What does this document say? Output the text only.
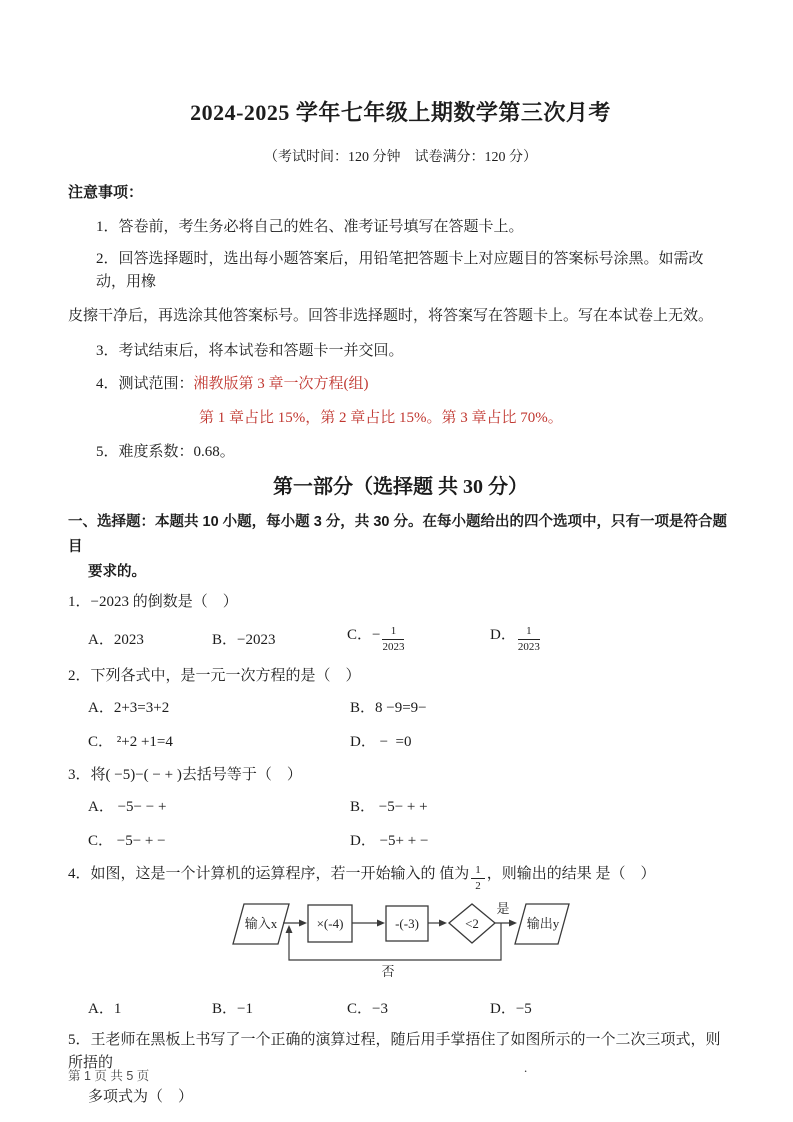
2024-2025 学年七年级上期数学第三次月考
（考试时间：120 分钟　试卷满分：120 分）
注意事项：
1．答卷前，考生务必将自己的姓名、准考证号填写在答题卡上。
2．回答选择题时，选出每小题答案后，用铅笔把答题卡上对应题目的答案标号涂黑。如需改动，用橡
皮擦干净后，再选涂其他答案标号。回答非选择题时，将答案写在答题卡上。写在本试卷上无效。
3．考试结束后，将本试卷和答题卡一并交回。
4．测试范围：湘教版第 3 章一次方程(组)
第 1 章占比 15%，第 2 章占比 15%。第 3 章占比 70%。
5．难度系数：0.68。
第一部分（选择题 共 30 分）
一、选择题：本题共 10 小题，每小题 3 分，共 30 分。在每小题给出的四个选项中，只有一项是符合题目
要求的。
1．−2023 的倒数是（　）
A．2023	B．−2023	C．− $\frac{1}{2023}$	D． $\frac{1}{2023}$
2．下列各式中，是一元一次方程的是（　）
A．2+3=3+2	B．8 −9=9−
C． ²+2 +1=4	D． −  =0
3．将( −5)−( − + )去括号等于（　）
A． −5− − +	B． −5− + +
C． −5− + −	D． −5+ + −
4．如图，这是一个计算机的运算程序，若一开始输入的 值为 $\frac{1}{2}$ ，则输出的结果 是（　）
输入x	×(-4)	-(-3)	<2
是
输出y
否
A．1	B．−1	C．−3	D．−5
5．王老师在黑板上书写了一个正确的演算过程，随后用手掌捂住了如图所示的一个二次三项式，则所捂的
多项式为（　）
第 1 页 共 5 页
.
